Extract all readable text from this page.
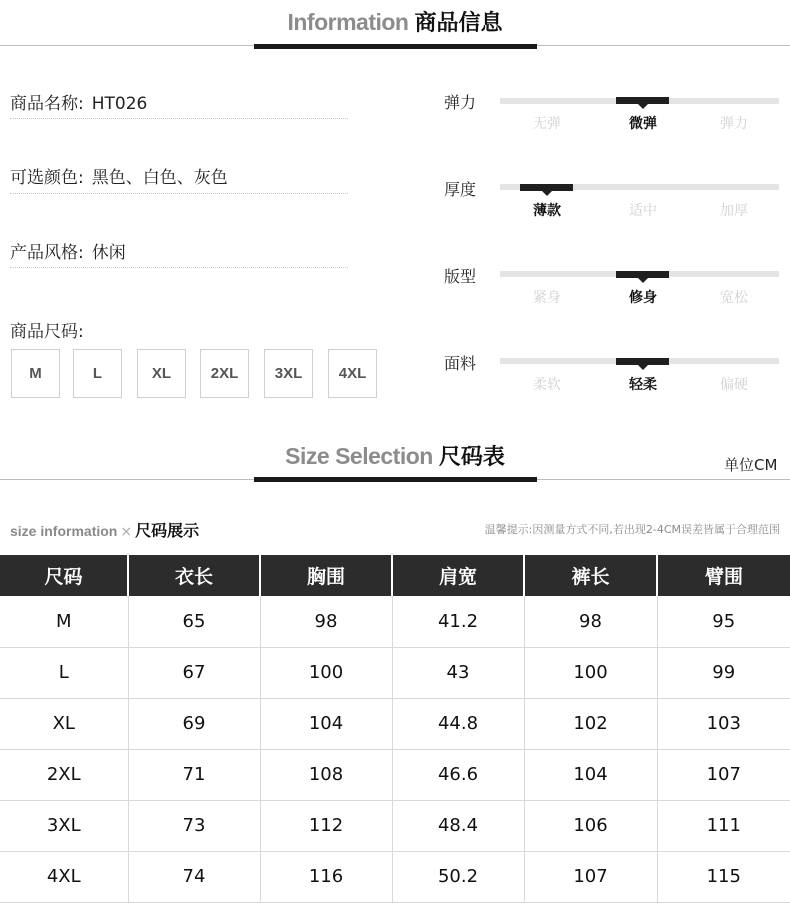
Information 商品信息
商品名称: HT026
可选颜色: 黑色、白色、灰色
产品风格: 休闲
商品尺码:
M	L	XL	2XL	3XL	4XL
弹力
无弹	微弹	弹力
厚度
薄款	适中	加厚
版型
紧身	修身	宽松
面料
柔软	轻柔	偏硬
Size Selection 尺码表	单位CM
size information × 尺码展示	温馨提示:因测量方式不同,若出现2-4CM误差皆属于合理范围
尺码	衣长	胸围	肩宽	裤长	臂围
M	65	98	41.2	98	95
L	67	100	43	100	99
XL	69	104	44.8	102	103
2XL	71	108	46.6	104	107
3XL	73	112	48.4	106	111
4XL	74	116	50.2	107	115
